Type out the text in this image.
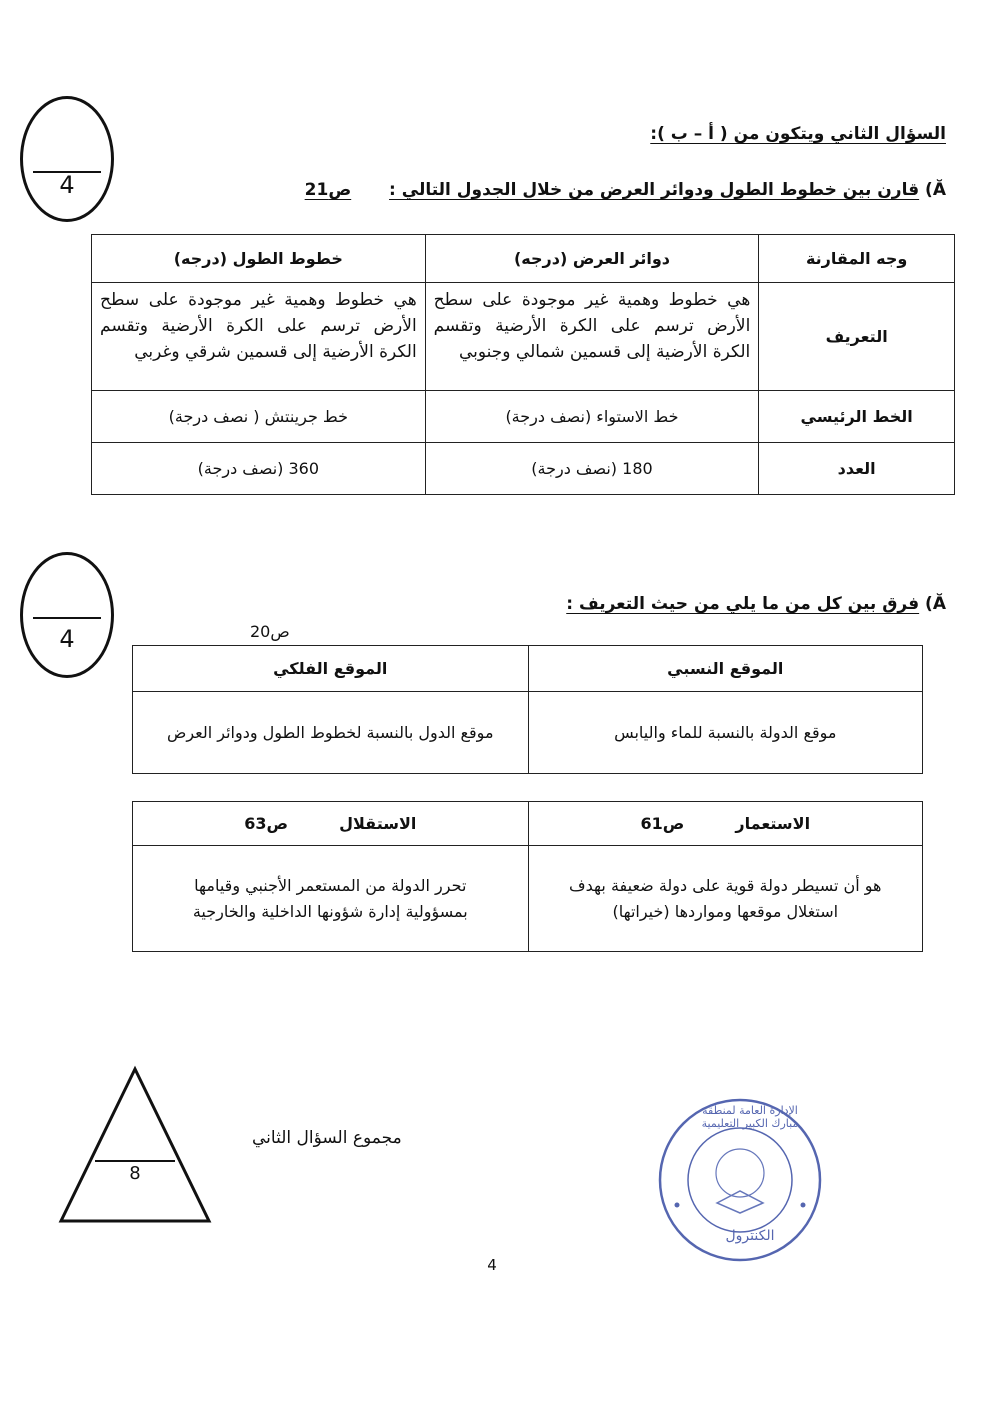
4
السؤال الثاني ويتكون من ( أ – ب ):
Ă) قارن بين خطوط الطول ودوائر العرض من خلال الجدول التالي :  ص21
وجه المقارنة	دوائر العرض (درجه)	خطوط الطول (درجه)
التعريف	هي خطوط وهمية غير موجودة على سطح الأرض ترسم على الكرة الأرضية وتقسم الكرة الأرضية إلى قسمين شمالي وجنوبي	هي خطوط وهمية غير موجودة على سطح الأرض ترسم على الكرة الأرضية وتقسم الكرة الأرضية إلى قسمين شرقي وغربي
الخط الرئيسي	خط الاستواء (نصف درجة)	خط جرينتش ( نصف درجة)
العدد	180 (نصف درجة)	360 (نصف درجة)
4
Ă) فرق بين كل من ما يلي من حيث التعريف :
ص20
الموقع النسبي	الموقع الفلكي
موقع الدولة بالنسبة للماء واليابس	موقع الدول بالنسبة لخطوط الطول ودوائر العرض
الاستعمار  ص61	الاستقلال  ص63
هو أن تسيطر دولة قوية على دولة ضعيفة بهدف استغلال موقعها ومواردها (خيراتها)	تحرر الدولة من المستعمر الأجنبي وقيامها بمسؤولية إدارة شؤونها الداخلية والخارجية
8
مجموع السؤال الثاني
الإدارة العامة لمنطقة مبارك الكبير التعليمية
الكنترول
4
